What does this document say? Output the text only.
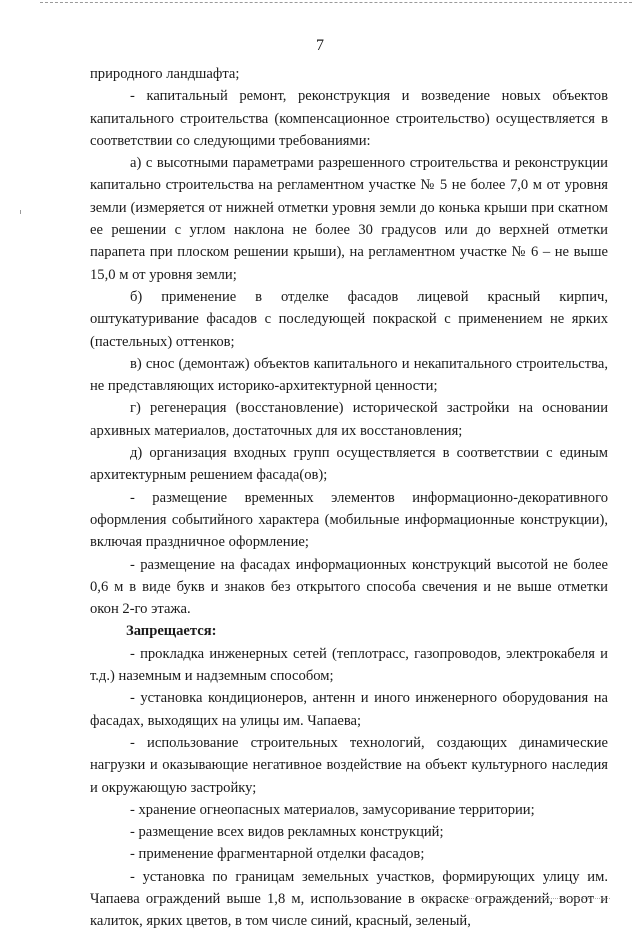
7

природного ландшафта;

- капитальный ремонт, реконструкция и возведение новых объектов капитального строительства (компенсационное строительство) осуществляется в соответствии со следующими требованиями:

а) с высотными параметрами разрешенного строительства и реконструкции капитально строительства на регламентном участке № 5 не более 7,0 м от уровня земли (измеряется от нижней отметки уровня земли до конька крыши при скатном ее решении с углом наклона не более 30 градусов или до верхней отметки парапета при плоском решении крыши), на регламентном участке № 6 – не выше 15,0 м от уровня земли;

б) применение в отделке фасадов лицевой красный кирпич, оштукатуривание фасадов с последующей покраской с применением не ярких (пастельных) оттенков;

в) снос (демонтаж) объектов капитального и некапитального строительства, не представляющих историко-архитектурной ценности;

г) регенерация (восстановление) исторической застройки на основании архивных материалов, достаточных для их восстановления;

д) организация входных групп осуществляется в соответствии с единым архитектурным решением фасада(ов);

- размещение временных элементов информационно-декоративного оформления событийного характера (мобильные информационные конструкции), включая праздничное оформление;

- размещение на фасадах информационных конструкций высотой не более 0,6 м в виде букв и знаков без открытого способа свечения и не выше отметки окон 2-го этажа.

Запрещается:

- прокладка инженерных сетей (теплотрасс, газопроводов, электрокабеля и т.д.) наземным и надземным способом;

- установка кондиционеров, антенн и иного инженерного оборудования на фасадах, выходящих на улицы им. Чапаева;

- использование строительных технологий, создающих динамические нагрузки и оказывающие негативное воздействие на объект культурного наследия и окружающую застройку;

- хранение огнеопасных материалов, замусоривание территории;

- размещение всех видов рекламных конструкций;

- применение фрагментарной отделки фасадов;

- установка по границам земельных участков, формирующих улицу им. Чапаева ограждений выше 1,8 м, использование в окраске ограждений, ворот и калиток, ярких цветов, в том числе синий, красный, зеленый,
